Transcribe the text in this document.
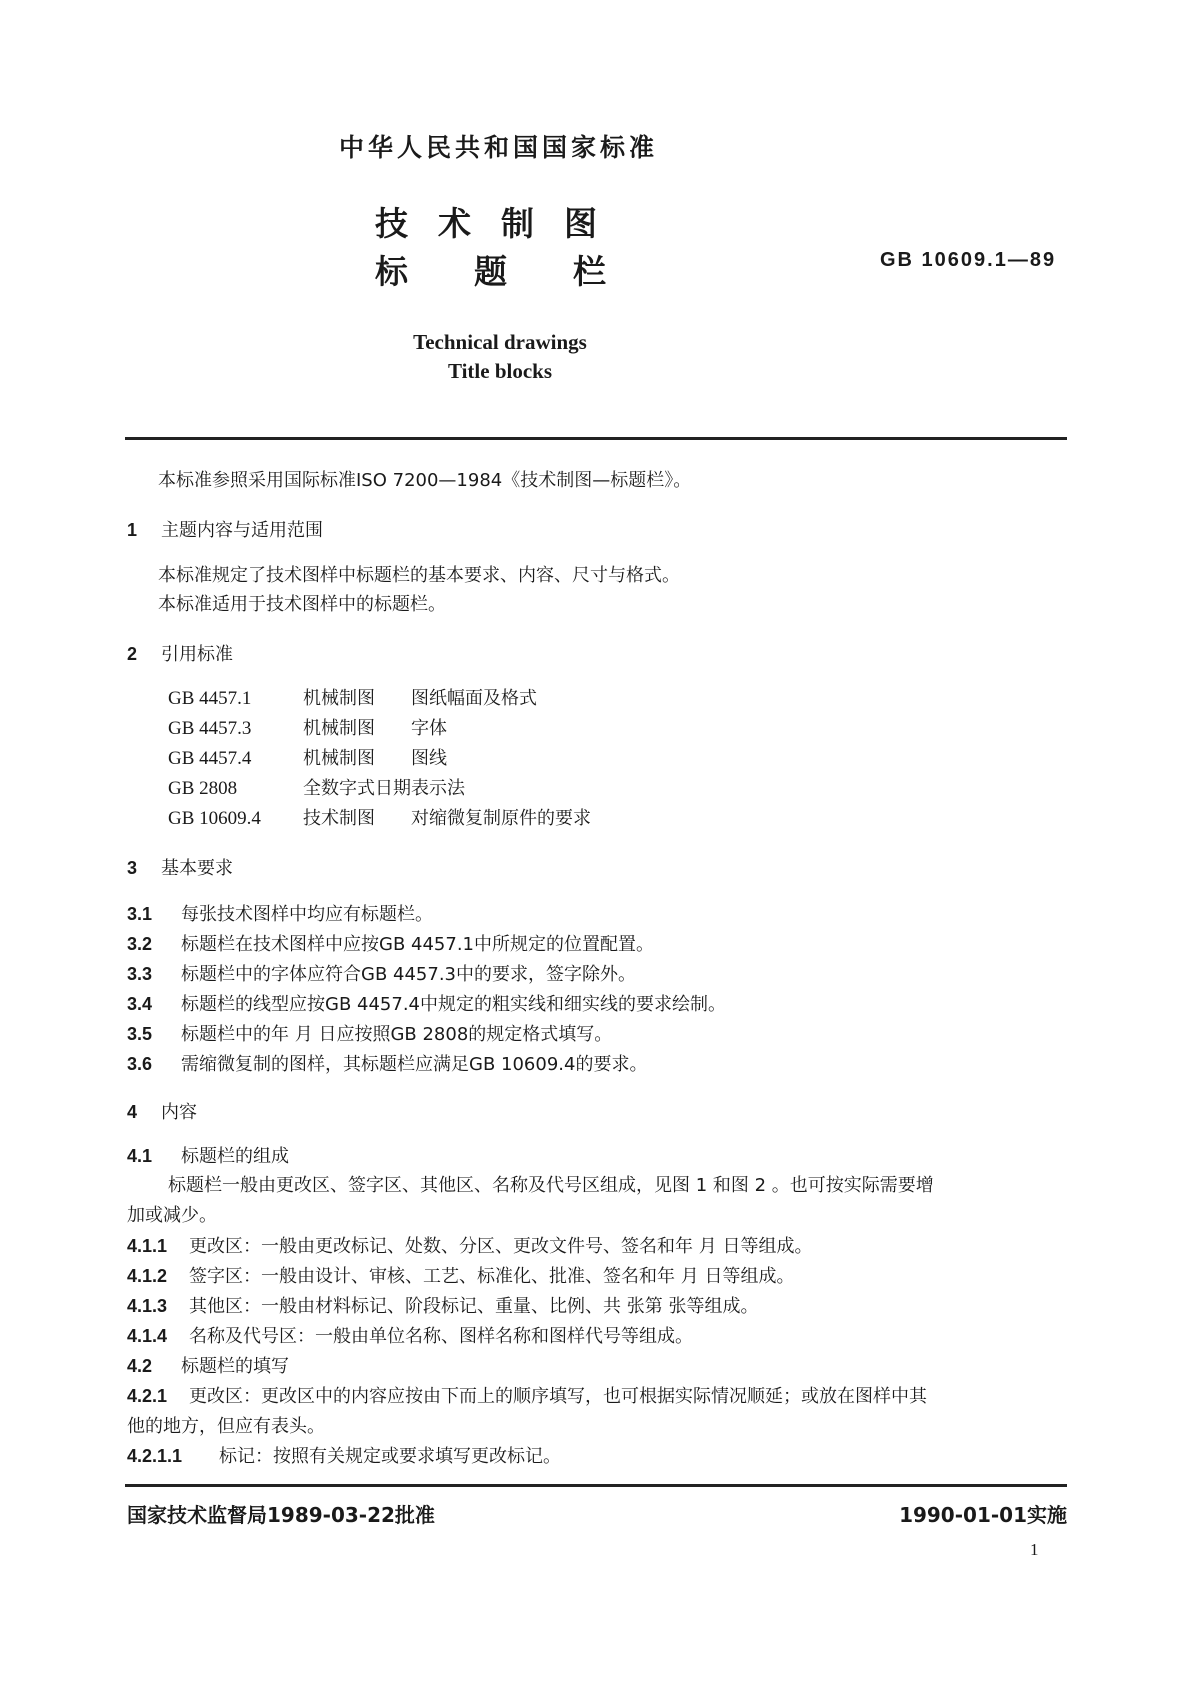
中华人民共和国国家标准
技 术 制 图
标 题 栏	GB 10609.1—89
Technical drawings
Title blocks
本标准参照采用国际标准ISO 7200—1984《技术制图—标题栏》。
1 主题内容与适用范围
本标准规定了技术图样中标题栏的基本要求、内容、尺寸与格式。
本标准适用于技术图样中的标题栏。
2 引用标准
GB 4457.1	机械制图 图纸幅面及格式
GB 4457.3	机械制图 字体
GB 4457.4	机械制图 图线
GB 2808	全数字式日期表示法
GB 10609.4 技术制图 对缩微复制原件的要求
3 基本要求
3.1 每张技术图样中均应有标题栏。
3.2 标题栏在技术图样中应按GB 4457.1中所规定的位置配置。
3.3 标题栏中的字体应符合GB 4457.3中的要求，签字除外。
3.4 标题栏的线型应按GB 4457.4中规定的粗实线和细实线的要求绘制。
3.5 标题栏中的年 月 日应按照GB 2808的规定格式填写。
3.6 需缩微复制的图样，其标题栏应满足GB 10609.4的要求。
4 内容
4.1 标题栏的组成
标题栏一般由更改区、签字区、其他区、名称及代号区组成，见图 1 和图 2 。也可按实际需要增
加或减少。
4.1.1 更改区：一般由更改标记、处数、分区、更改文件号、签名和年 月 日等组成。
4.1.2 签字区：一般由设计、审核、工艺、标准化、批准、签名和年 月 日等组成。
4.1.3 其他区：一般由材料标记、阶段标记、重量、比例、共 张第 张等组成。
4.1.4 名称及代号区：一般由单位名称、图样名称和图样代号等组成。
4.2 标题栏的填写
4.2.1 更改区：更改区中的内容应按由下而上的顺序填写，也可根据实际情况顺延；或放在图样中其
他的地方，但应有表头。
4.2.1.1 标记：按照有关规定或要求填写更改标记。
国家技术监督局1989-03-22批准	1990-01-01实施
1
